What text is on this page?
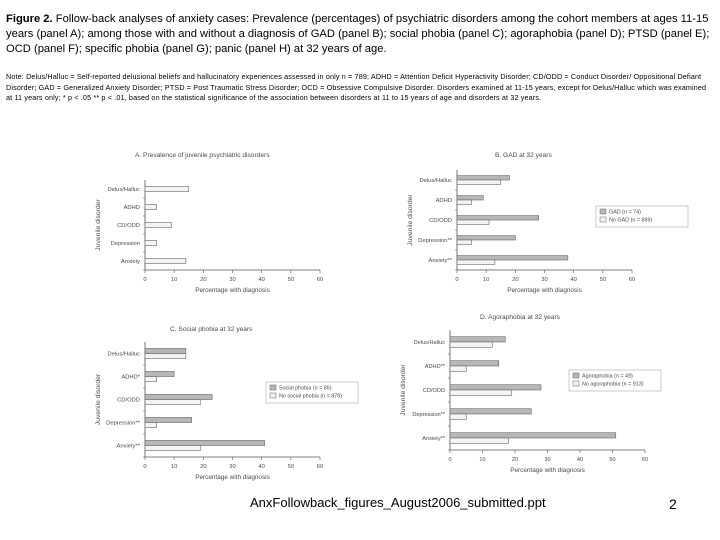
Figure 2. Follow-back analyses of anxiety cases: Prevalence (percentages) of psychiatric disorders among the cohort members at ages 11-15 years (panel A); among those with and without a diagnosis of GAD (panel B); social phobia (panel C); agoraphobia (panel D); PTSD (panel E); OCD (panel F); specific phobia (panel G); panic (panel H) at 32 years of age.
Note: Delus/Halluc = Self-reported delusional beliefs and hallucinatory experiences assessed in only n = 789; ADHD = Attention Deficit Hyperactivity Disorder; CD/ODD = Conduct Disorder/ Oppositional Defiant Disorder; GAD = Generalized Anxiety Disorder; PTSD = Post Traumatic Stress Disorder; OCD = Obsessive Compulsive Disorder. Disorders examined at 11-15 years, except for Delus/Halluc which was examined at 11 years only; * p < .05 ** p < .01, based on the statistical significance of the association between disorders at 11 to 15 years of age and disorders at 32 years.
A. Prevalence of juvenile psychiatric disorders
0	10	20	30	40	50	60
Percentage with diagnosis
Juvenile disorder
Delus/Halluc
ADHD
CD/ODD
Depression
Anxiety
B. GAD at 32 years
0	10	20	30	40	50	60
Percentage with diagnosis
Juvenile disorder
Delus/Halluc
ADHD
CD/ODD
Depression**
Anxiety**
GAD (n = 74)
No GAD (n = 889)
C. Social phobia at 32 years
0	10	20	30	40	50	60
Percentage with diagnosis
Juvenile disorder
Delus/Halluc
ADHD*
CD/ODD
Depression**
Anxiety**
Social phobia (n = 85)
No social phobia (n = 878)
D. Agoraphobia at 32 years
0	10	20	30	40	50	60
Percentage with diagnosis
Juvenile disorder
Delus/Halluc
ADHD**
CD/ODD
Depression**
Anxiety**
Agoraphobia (n = 49)
No agoraphobia (n = 913)
AnxFollowback_figures_August2006_submitted.ppt	2
